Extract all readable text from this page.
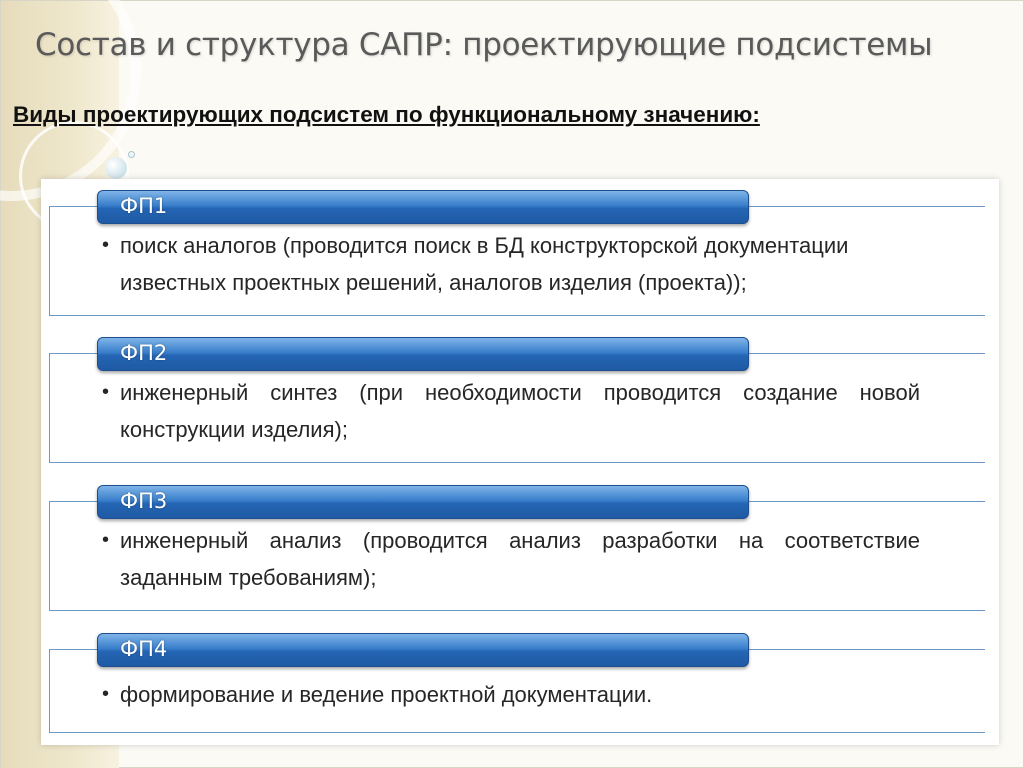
Состав и структура САПР: проектирующие подсистемы
Виды проектирующих подсистем по функциональному значению:
• поиск аналогов (проводится поиск в БД конструкторской документации известных проектных решений, аналогов изделия (проекта));
ФП1
• инженерный синтез (при необходимости проводится создание новой конструкции изделия);
ФП2
• инженерный анализ (проводится анализ разработки на соответствие заданным требованиям);
ФП3
• формирование и ведение проектной документации.
ФП4
